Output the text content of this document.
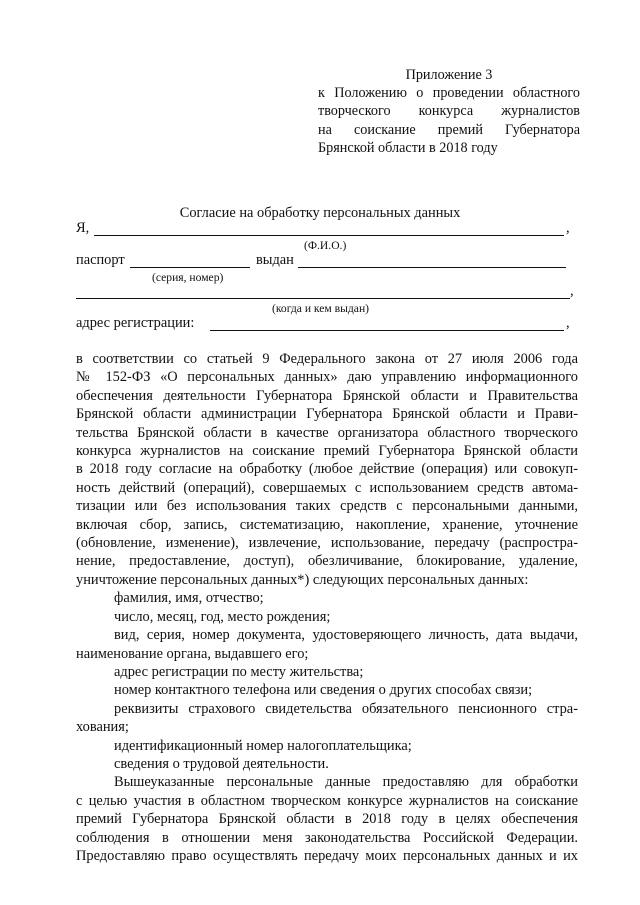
Приложение 3
к Положению о проведении областного
творческого конкурса журналистов
на соискание премий Губернатора
Брянской области в 2018 году
Согласие на обработку персональных данных
Я,	,
(Ф.И.О.)
паспорт	выдан
(серия, номер)
,
(когда и кем выдан)
адрес регистрации:	,
в соответствии со статьей 9 Федерального закона от 27 июля 2006 года
№ 152-ФЗ «О персональных данных» даю управлению информационного
обеспечения деятельности Губернатора Брянской области и Правительства
Брянской области администрации Губернатора Брянской области и Прави-
тельства Брянской области в качестве организатора областного творческого
конкурса журналистов на соискание премий Губернатора Брянской области
в 2018 году согласие на обработку (любое действие (операция) или совокуп-
ность действий (операций), совершаемых с использованием средств автома-
тизации или без использования таких средств с персональными данными,
включая сбор, запись, систематизацию, накопление, хранение, уточнение
(обновление, изменение), извлечение, использование, передачу (распростра-
нение, предоставление, доступ), обезличивание, блокирование, удаление,
уничтожение персональных данных*) следующих персональных данных:
фамилия, имя, отчество;
число, месяц, год, место рождения;
вид, серия, номер документа, удостоверяющего личность, дата выдачи,
наименование органа, выдавшего его;
адрес регистрации по месту жительства;
номер контактного телефона или сведения о других способах связи;
реквизиты страхового свидетельства обязательного пенсионного стра-
хования;
идентификационный номер налогоплательщика;
сведения о трудовой деятельности.
Вышеуказанные персональные данные предоставляю для обработки
с целью участия в областном творческом конкурсе журналистов на соискание
премий Губернатора Брянской области в 2018 году в целях обеспечения
соблюдения в отношении меня законодательства Российской Федерации.
Предоставляю право осуществлять передачу моих персональных данных и их
